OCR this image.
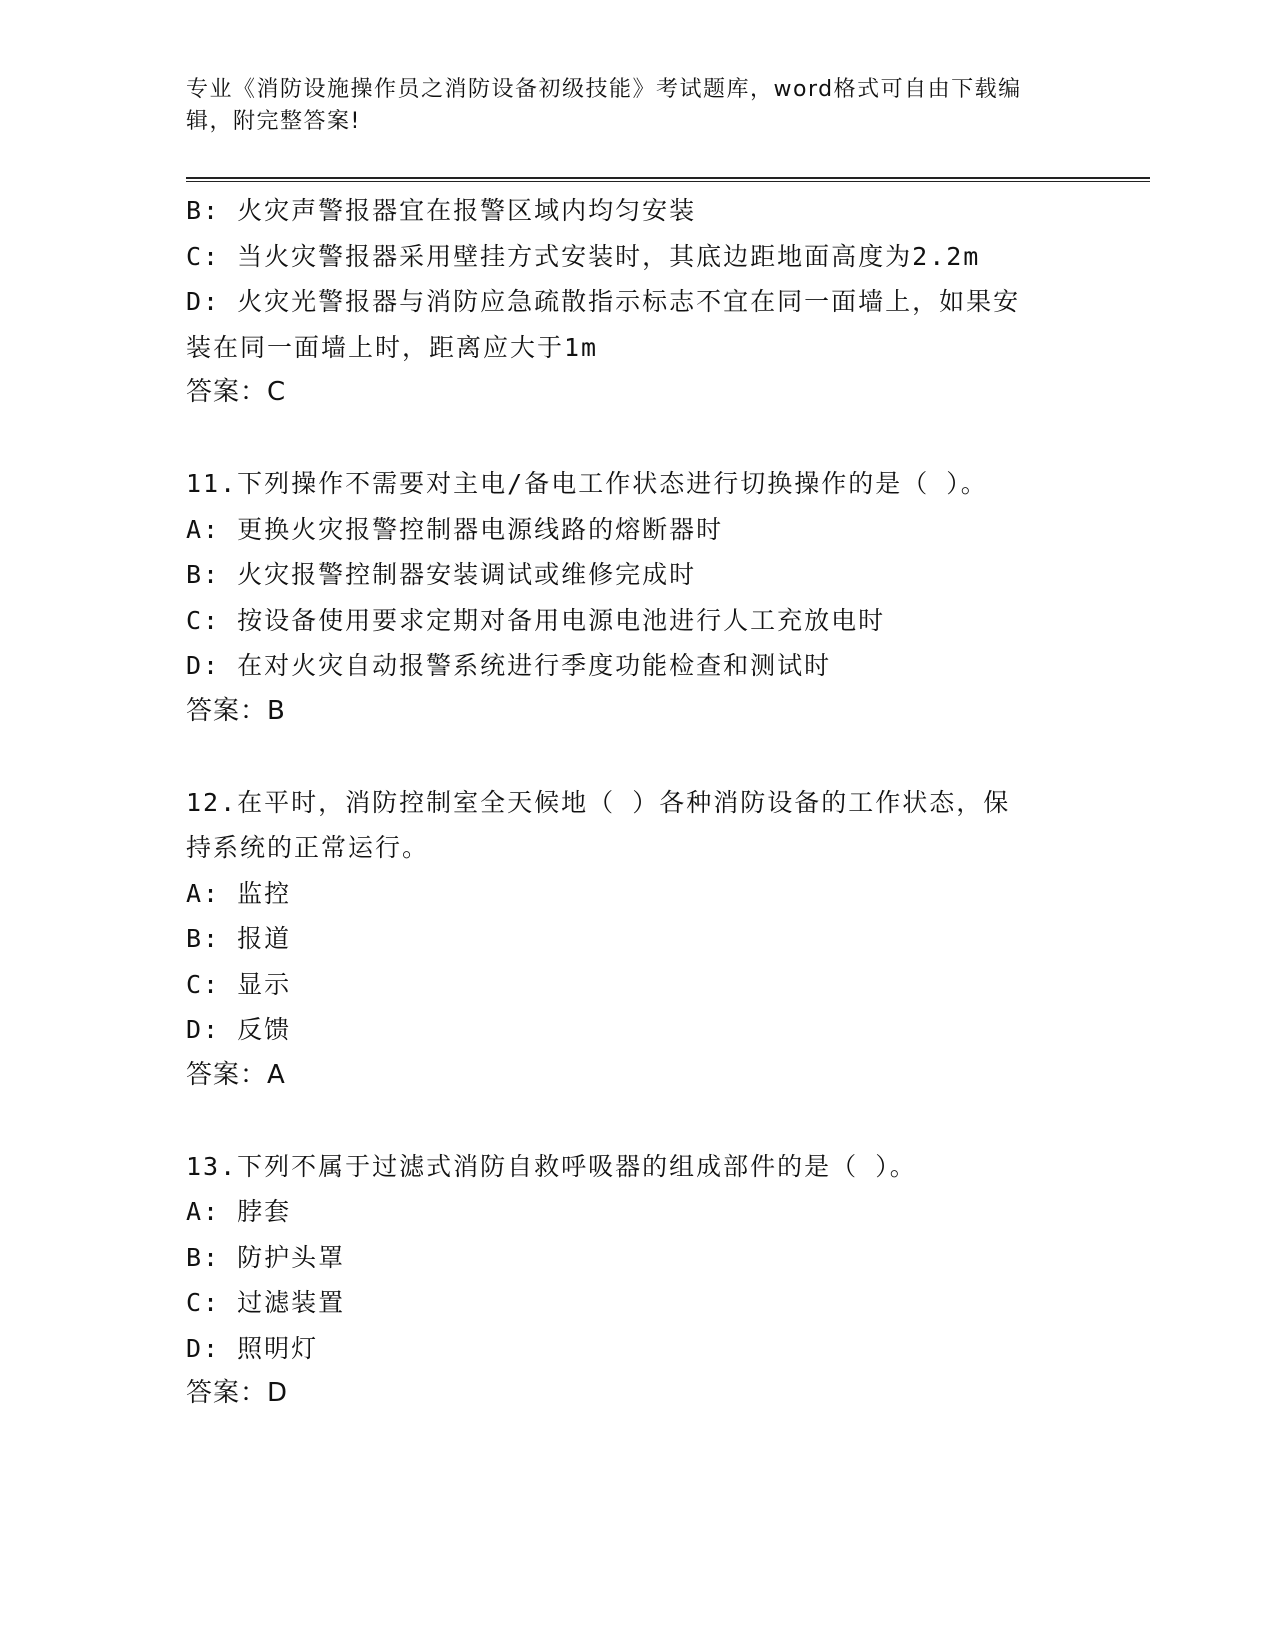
专业《消防设施操作员之消防设备初级技能》考试题库，word格式可自由下载编
辑，附完整答案!
B: 火灾声警报器宜在报警区域内均匀安装
C: 当火灾警报器采用壁挂方式安装时，其底边距地面高度为2.2m
D: 火灾光警报器与消防应急疏散指示标志不宜在同一面墙上，如果安
装在同一面墙上时，距离应大于1m
答案：C
11.下列操作不需要对主电/备电工作状态进行切换操作的是（ ）。
A: 更换火灾报警控制器电源线路的熔断器时
B: 火灾报警控制器安装调试或维修完成时
C: 按设备使用要求定期对备用电源电池进行人工充放电时
D: 在对火灾自动报警系统进行季度功能检查和测试时
答案：B
12.在平时，消防控制室全天候地（ ）各种消防设备的工作状态，保
持系统的正常运行。
A: 监控
B: 报道
C: 显示
D: 反馈
答案：A
13.下列不属于过滤式消防自救呼吸器的组成部件的是（ ）。
A: 脖套
B: 防护头罩
C: 过滤装置
D: 照明灯
答案：D
